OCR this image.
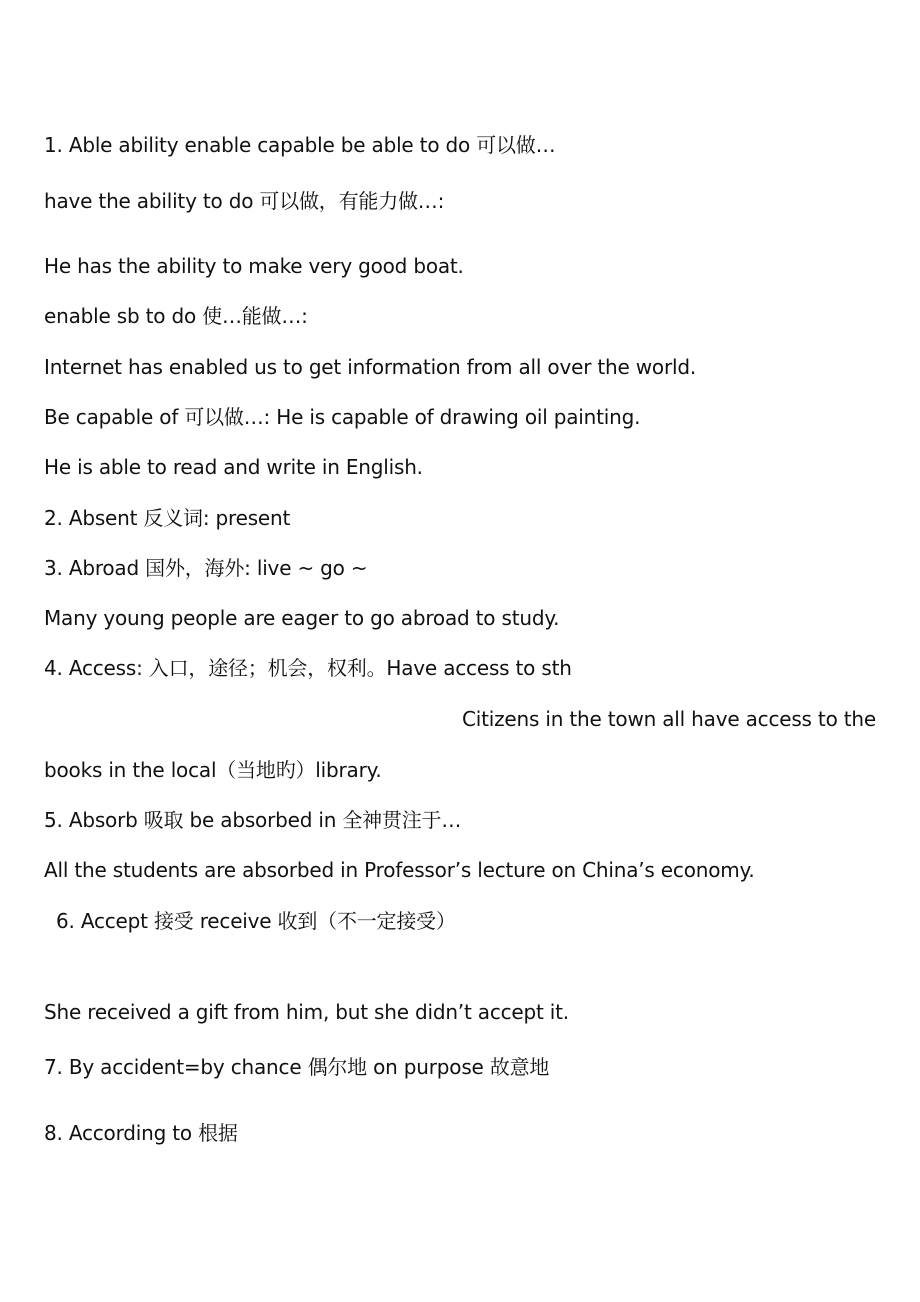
1. Able ability enable capable be able to do 可以做…
have the ability to do 可以做，有能力做…:
He has the ability to make very good boat.
enable sb to do 使…能做…:
Internet has enabled us to get information from all over the world.
Be capable of 可以做…: He is capable of drawing oil painting.
He is able to read and write in English.
2. Absent 反义词: present
3. Abroad 国外，海外: live ~ go ~
Many young people are eager to go abroad to study.
4. Access: 入口，途径；机会，权利。Have access to sth
Citizens in the town all have access to the
books in the local（当地旳）library.
5. Absorb 吸取 be absorbed in 全神贯注于…
All the students are absorbed in Professor’s lecture on China’s economy.
6. Accept 接受 receive 收到（不一定接受）
She received a gift from him, but she didn’t accept it.
7. By accident=by chance 偶尔地 on purpose 故意地
8. According to 根据
